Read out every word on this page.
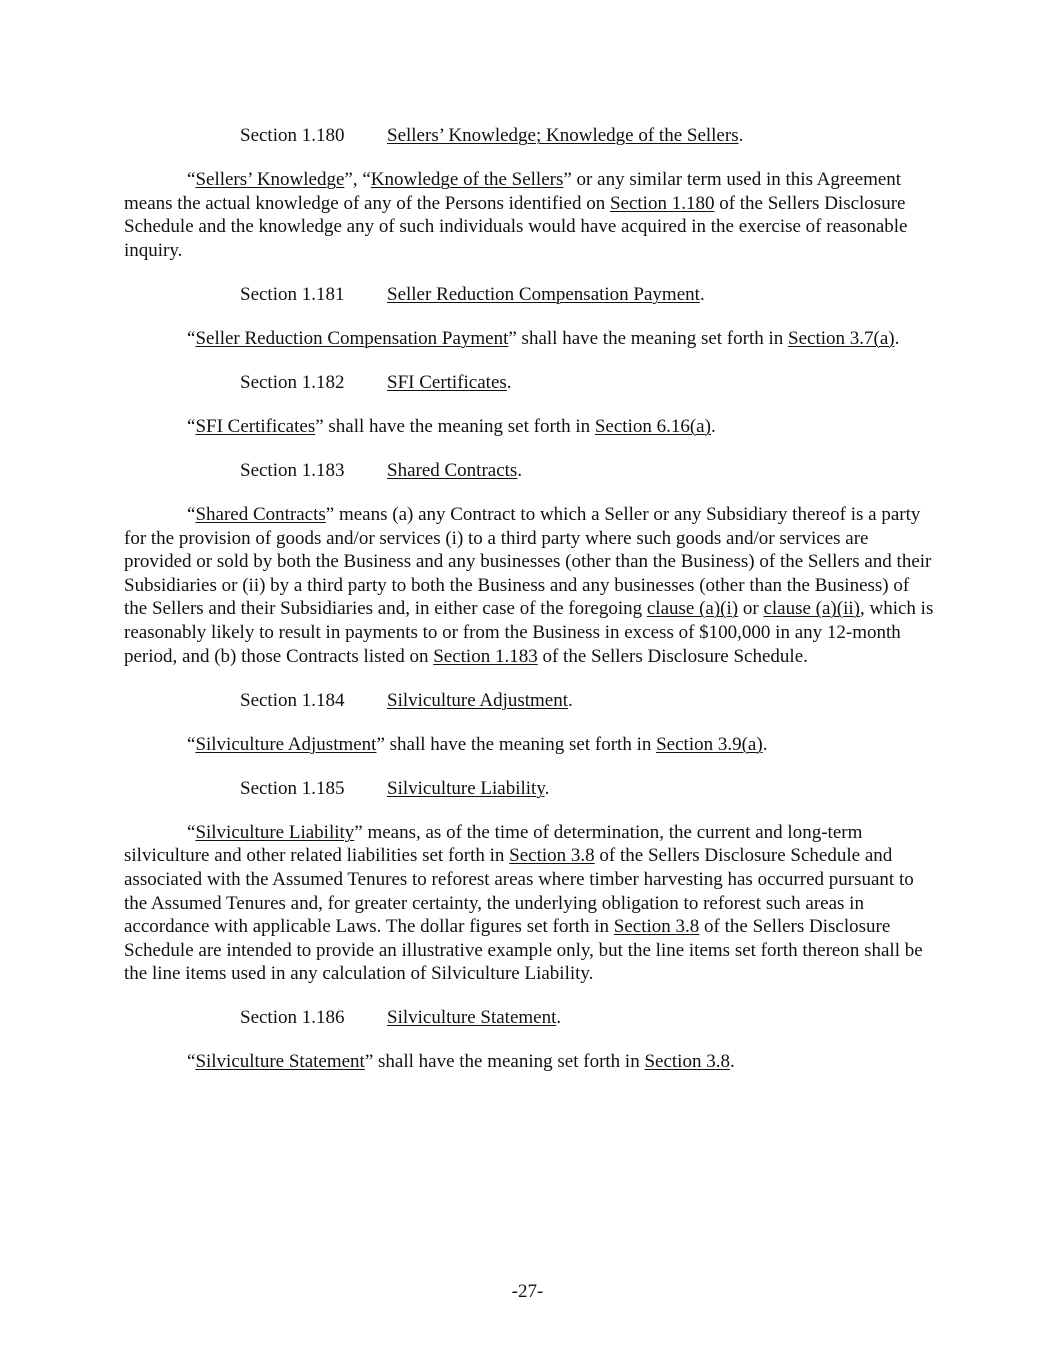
Section 1.180 Sellers’ Knowledge; Knowledge of the Sellers.

“Sellers’ Knowledge”, “Knowledge of the Sellers” or any similar term used in this Agreement means the actual knowledge of any of the Persons identified on Section 1.180 of the Sellers Disclosure Schedule and the knowledge any of such individuals would have acquired in the exercise of reasonable inquiry.

Section 1.181 Seller Reduction Compensation Payment.

“Seller Reduction Compensation Payment” shall have the meaning set forth in Section 3.7(a).

Section 1.182 SFI Certificates.

“SFI Certificates” shall have the meaning set forth in Section 6.16(a).

Section 1.183 Shared Contracts.

“Shared Contracts” means (a) any Contract to which a Seller or any Subsidiary thereof is a party for the provision of goods and/or services (i) to a third party where such goods and/or services are provided or sold by both the Business and any businesses (other than the Business) of the Sellers and their Subsidiaries or (ii) by a third party to both the Business and any businesses (other than the Business) of the Sellers and their Subsidiaries and, in either case of the foregoing clause (a)(i) or clause (a)(ii), which is reasonably likely to result in payments to or from the Business in excess of $100,000 in any 12-month period, and (b) those Contracts listed on Section 1.183 of the Sellers Disclosure Schedule.

Section 1.184 Silviculture Adjustment.

“Silviculture Adjustment” shall have the meaning set forth in Section 3.9(a).

Section 1.185 Silviculture Liability.

“Silviculture Liability” means, as of the time of determination, the current and long-term silviculture and other related liabilities set forth in Section 3.8 of the Sellers Disclosure Schedule and associated with the Assumed Tenures to reforest areas where timber harvesting has occurred pursuant to the Assumed Tenures and, for greater certainty, the underlying obligation to reforest such areas in accordance with applicable Laws. The dollar figures set forth in Section 3.8 of the Sellers Disclosure Schedule are intended to provide an illustrative example only, but the line items set forth thereon shall be the line items used in any calculation of Silviculture Liability.

Section 1.186 Silviculture Statement.

“Silviculture Statement” shall have the meaning set forth in Section 3.8.

-27-
